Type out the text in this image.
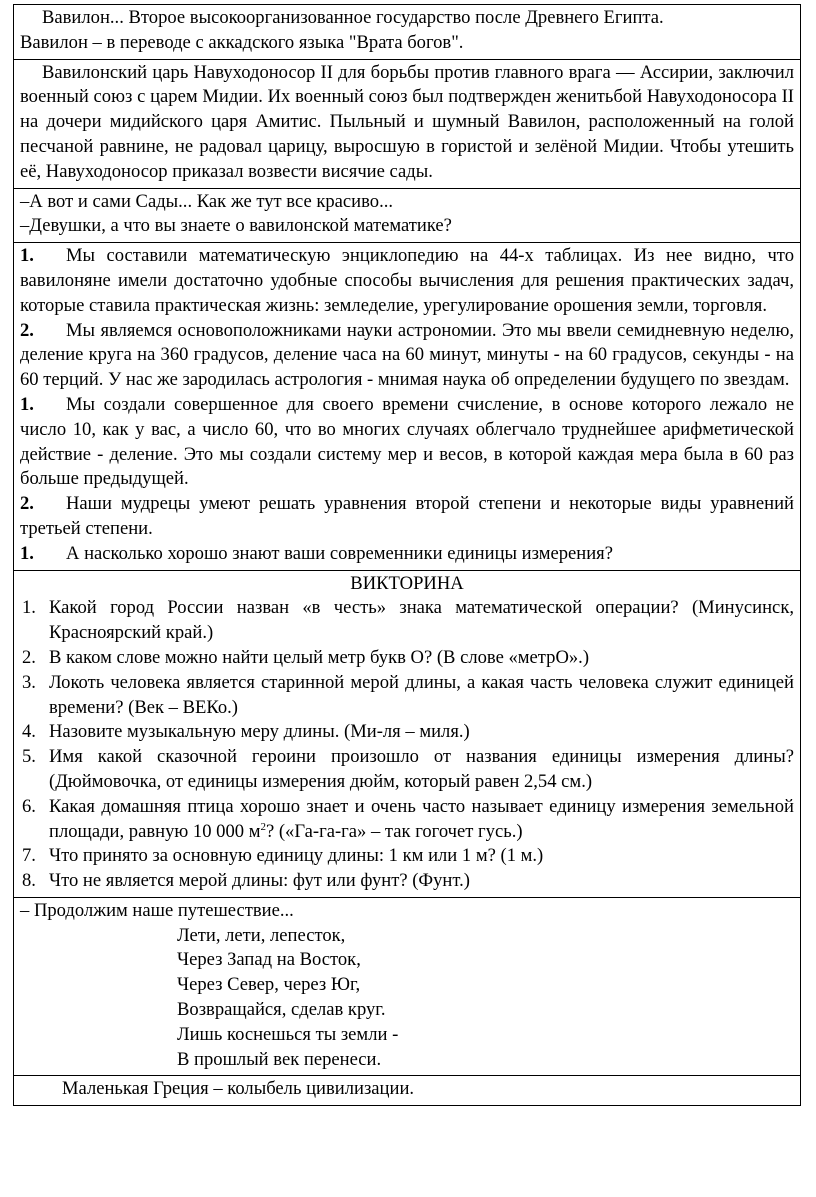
Вавилон... Второе высокоорганизованное государство после Древнего Египта.

Вавилон – в переводе с аккадского языка "Врата богов".

Вавилонский царь Навуходоносор II для борьбы против главного врага — Ассирии, заключил военный союз с царем Мидии. Их военный союз был подтвержден женитьбой Навуходоносора II на дочери мидийского царя Амитис. Пыльный и шумный Вавилон, расположенный на голой песчаной равнине, не радовал царицу, выросшую в гористой и зелёной Мидии. Чтобы утешить её, Навуходоносор приказал возвести висячие сады.

–А вот и сами Сады... Как же тут все красиво...

–Девушки, а что вы знаете о вавилонской математике?

1. Мы составили математическую энциклопедию на 44-х таблицах. Из нее видно, что вавилоняне имели достаточно удобные способы вычисления для решения практических задач, которые ставила практическая жизнь: земледелие, урегулирование орошения земли, торговля.

2. Мы являемся основоположниками науки астрономии. Это мы ввели семидневную неделю, деление круга на 360 градусов, деление часа на 60 минут, минуты - на 60 градусов, секунды - на 60 терций. У нас же зародилась астрология - мнимая наука об определении будущего по звездам.

1. Мы создали совершенное для своего времени счисление, в основе которого лежало не число 10, как у вас, а число 60, что во многих случаях облегчало труднейшее арифметической действие - деление. Это мы создали систему мер и весов, в которой каждая мера была в 60 раз больше предыдущей.

2. Наши мудрецы умеют решать уравнения второй степени и некоторые виды уравнений третьей степени.

1. А насколько хорошо знают ваши современники единицы измерения?

ВИКТОРИНА

1. Какой город России назван «в честь» знака математической операции? (Минусинск, Красноярский край.)
2. В каком слове можно найти целый метр букв О? (В слове «метрО».)
3. Локоть человека является старинной мерой длины, а какая часть человека служит единицей времени? (Век – ВЕКо.)
4. Назовите музыкальную меру длины. (Ми-ля – миля.)
5. Имя какой сказочной героини произошло от названия единицы измерения длины? (Дюймовочка, от единицы измерения дюйм, который равен 2,54 см.)
6. Какая домашняя птица хорошо знает и очень часто называет единицу измерения земельной площади, равную 10 000 $м^2$? («Га-га-га» – так гогочет гусь.)
7. Что принято за основную единицу длины: 1 км или 1 м? (1 м.)
8. Что не является мерой длины: фут или фунт? (Фунт.)

– Продолжим наше путешествие...

Лети, лети, лепесток,

Через Запад на Восток,

Через Север, через Юг,

Возвращайся, сделав круг.

Лишь коснешься ты земли -

В прошлый век перенеси.

Маленькая Греция – колыбель цивилизации.
